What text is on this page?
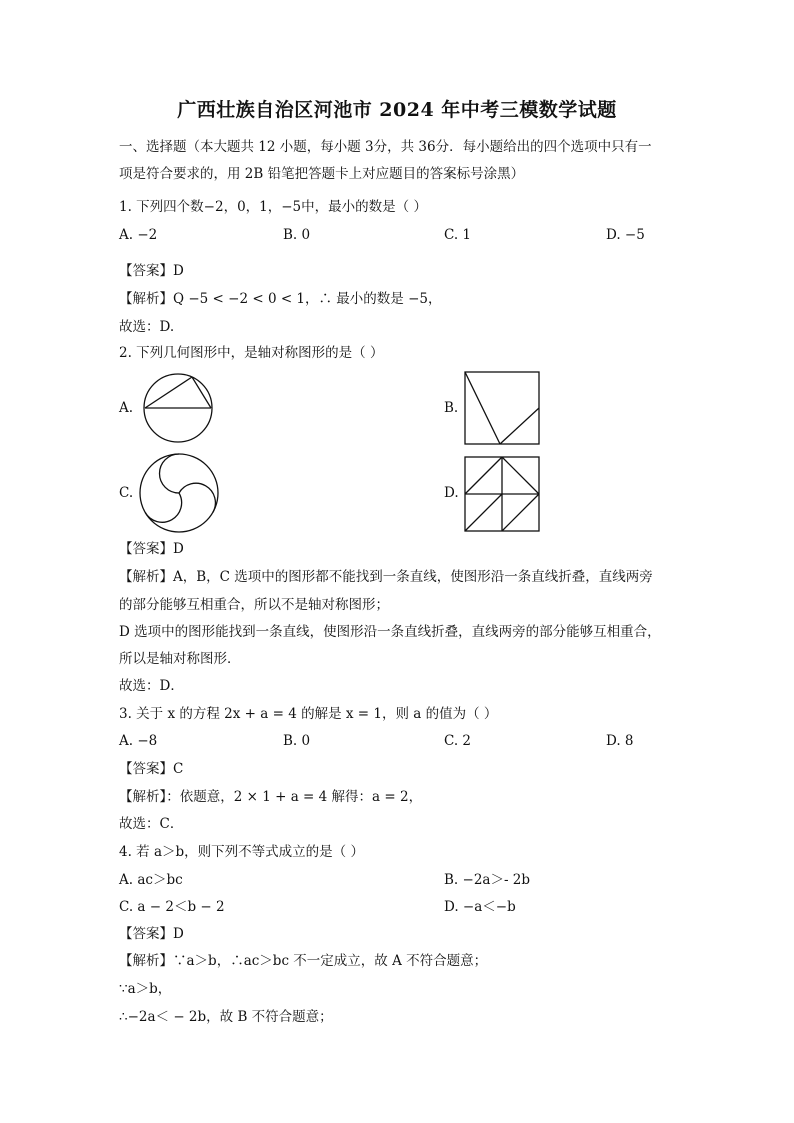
广西壮族自治区河池市 2024 年中考三模数学试题
一、选择题（本大题共 12 小题，每小题 3分，共 36分．每小题给出的四个选项中只有一
项是符合要求的，用 2B 铅笔把答题卡上对应题目的答案标号涂黑）
1. 下列四个数−2，0，1，−5中，最小的数是（ ）
A. −2	B. 0	C. 1	D. −5
【答案】D
【解析】Q −5 < −2 < 0 < 1，∴ 最小的数是 −5，
故选：D.
2. 下列几何图形中，是轴对称图形的是（ ）
A.	B.
C.	D.
【答案】D
【解析】A，B，C 选项中的图形都不能找到一条直线，使图形沿一条直线折叠，直线两旁
的部分能够互相重合，所以不是轴对称图形；
D 选项中的图形能找到一条直线，使图形沿一条直线折叠，直线两旁的部分能够互相重合，
所以是轴对称图形．
故选：D．
3. 关于 x 的方程 2x + a = 4 的解是 x = 1，则 a 的值为（ ）
A. −8	B. 0	C. 2	D. 8
【答案】C
【解析】：依题意，2 × 1 + a = 4 解得：a = 2，
故选：C．
4. 若 a＞b，则下列不等式成立的是（ ）
A. ac＞bc	B. −2a＞- 2b
C. a − 2＜b − 2	D. −a＜−b
【答案】D
【解析】∵a＞b，∴ac＞bc 不一定成立，故 A 不符合题意；
∵a＞b，
∴−2a＜ − 2b，故 B 不符合题意；
